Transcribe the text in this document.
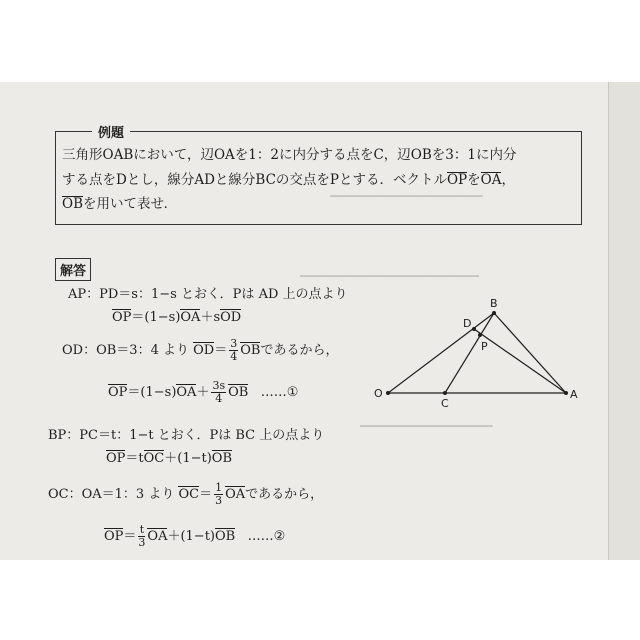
━━━━━━━━━━━━━━━━━━━━━━━
━━━━━━━━━━━━━━━━━━━━━━━━━━━
━━━━━━━━━━━━━━━━━━━━
例題
三角形OABにおいて，辺OAを1：2に内分する点をC，辺OBを3：1に内分
する点をDとし，線分ADと線分BCの交点をPとする．ベクトルOPをOA，
OBを用いて表せ．
解答
AP：PD＝s：1−s とおく．Pは AD 上の点より
OP＝(1−s)OA＋sOD
OD：OB＝3：4 より $OD= \frac{3}{4}$ OBであるから，
$OP=(1-s)OA+ \frac{3s}{4}$ OB ……①
BP：PC＝t：1−t とおく．Pは BC 上の点より
OP＝tOC＋(1−t)OB
OC：OA＝1：3 より $OC= \frac{1}{3}$ OAであるから，
$OP= \frac{t}{3} OA+(1-t)OB$ ……②
O	A
B
C
D
P
